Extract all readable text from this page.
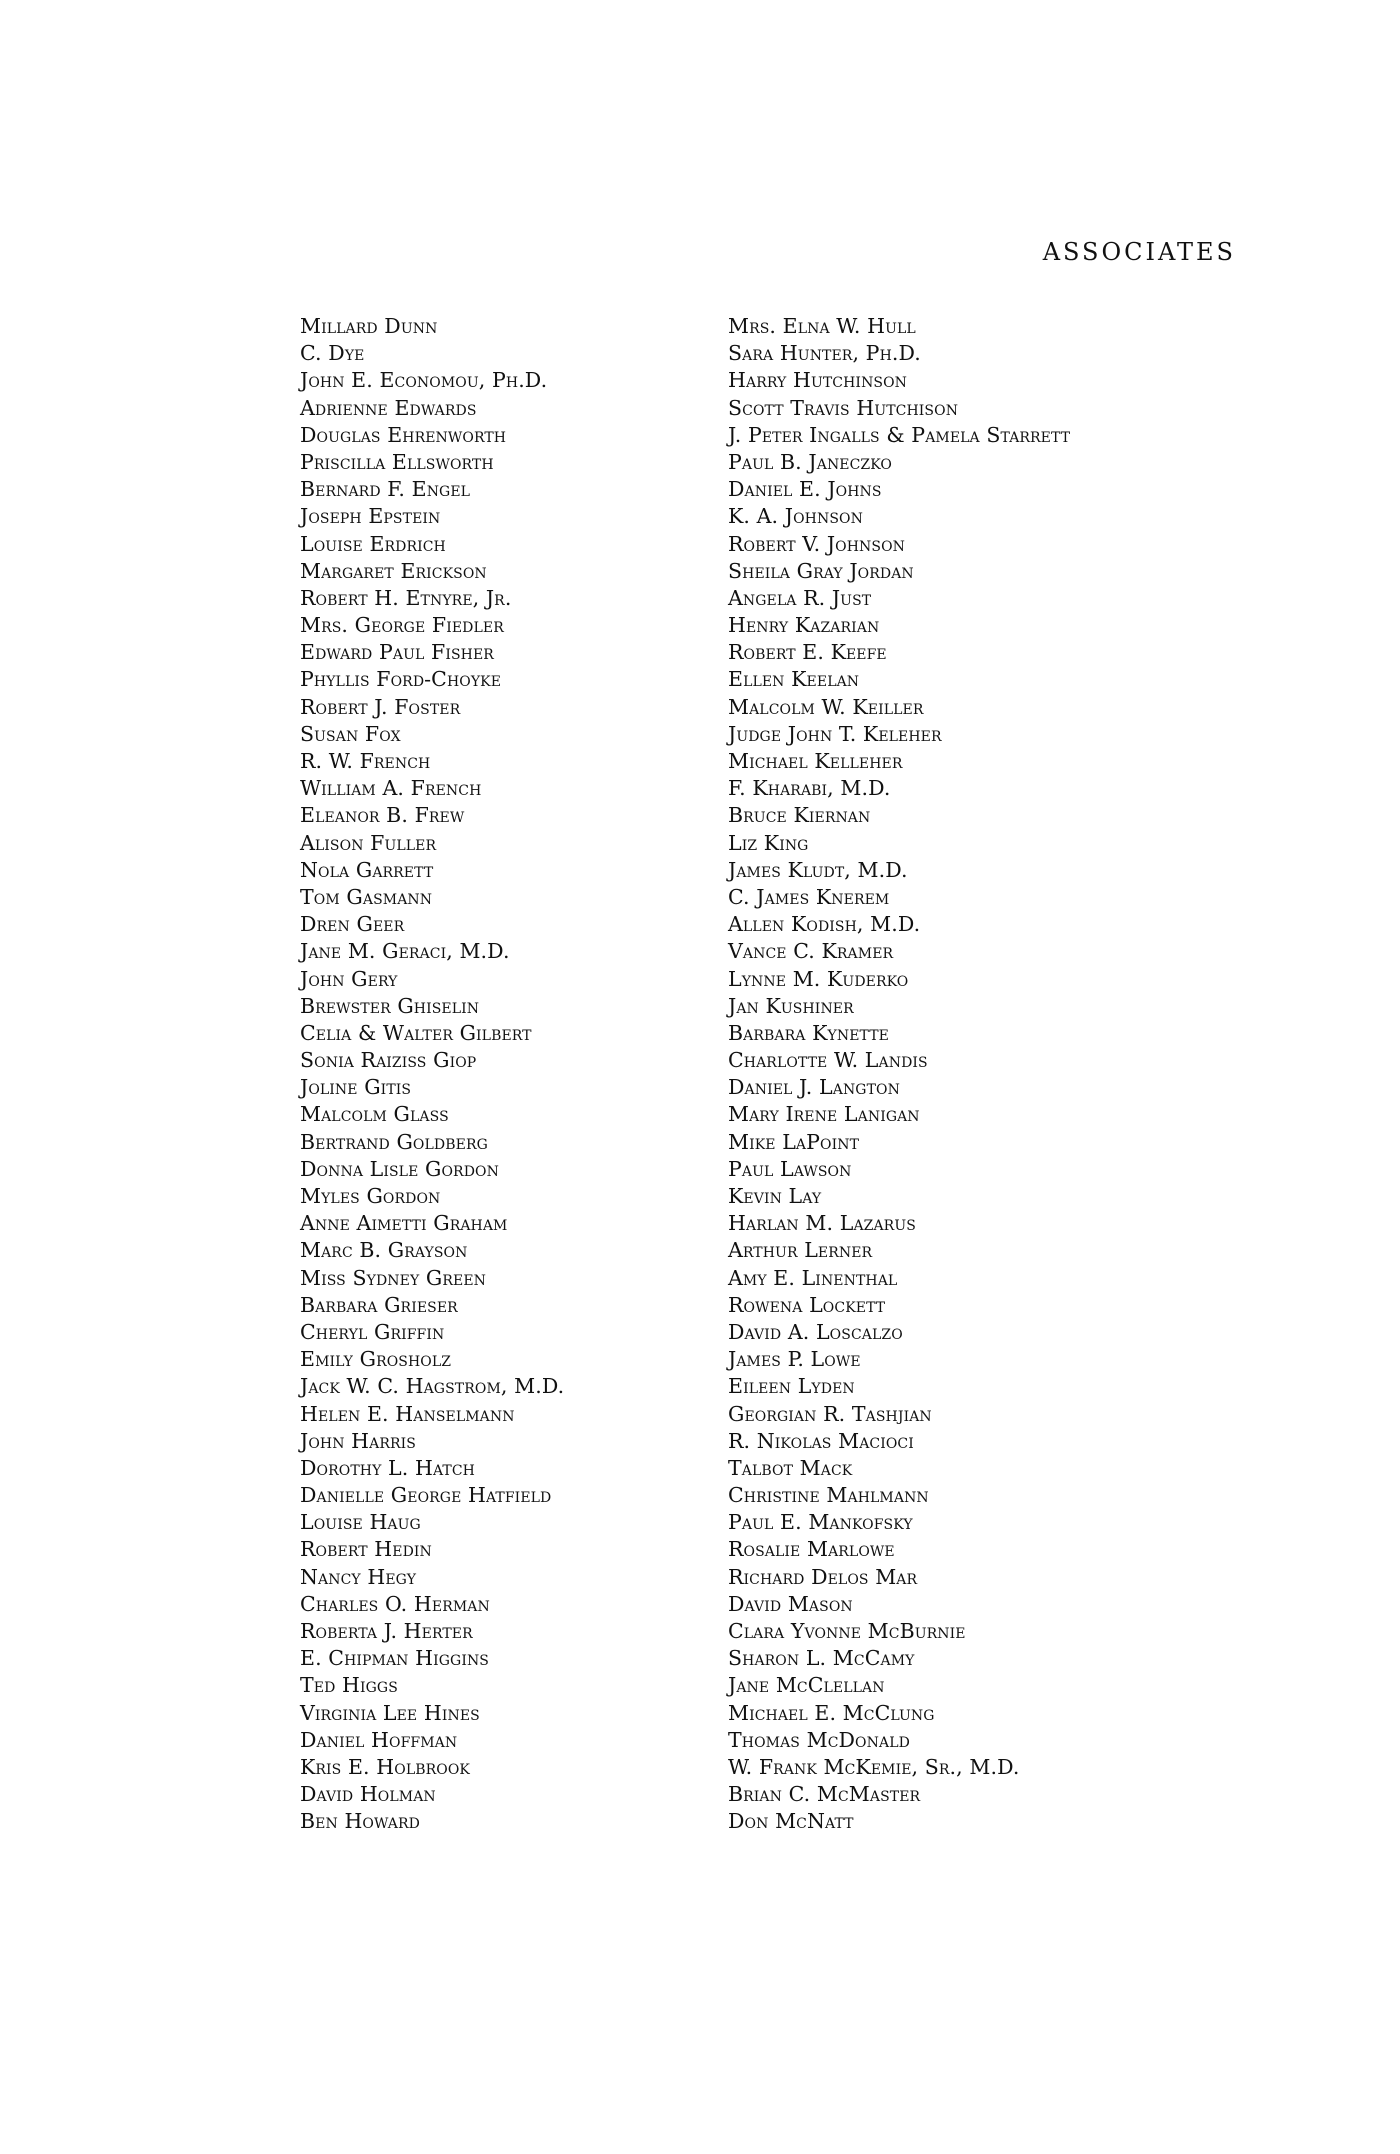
ASSOCIATES
Millard Dunn
C. Dye
John E. Economou, Ph.D.
Adrienne Edwards
Douglas Ehrenworth
Priscilla Ellsworth
Bernard F. Engel
Joseph Epstein
Louise Erdrich
Margaret Erickson
Robert H. Etnyre, Jr.
Mrs. George Fiedler
Edward Paul Fisher
Phyllis Ford-Choyke
Robert J. Foster
Susan Fox
R. W. French
William A. French
Eleanor B. Frew
Alison Fuller
Nola Garrett
Tom Gasmann
Dren Geer
Jane M. Geraci, M.D.
John Gery
Brewster Ghiselin
Celia & Walter Gilbert
Sonia Raiziss Giop
Joline Gitis
Malcolm Glass
Bertrand Goldberg
Donna Lisle Gordon
Myles Gordon
Anne Aimetti Graham
Marc B. Grayson
Miss Sydney Green
Barbara Grieser
Cheryl Griffin
Emily Grosholz
Jack W. C. Hagstrom, M.D.
Helen E. Hanselmann
John Harris
Dorothy L. Hatch
Danielle George Hatfield
Louise Haug
Robert Hedin
Nancy Hegy
Charles O. Herman
Roberta J. Herter
E. Chipman Higgins
Ted Higgs
Virginia Lee Hines
Daniel Hoffman
Kris E. Holbrook
David Holman
Ben Howard
Mrs. Elna W. Hull
Sara Hunter, Ph.D.
Harry Hutchinson
Scott Travis Hutchison
J. Peter Ingalls & Pamela Starrett
Paul B. Janeczko
Daniel E. Johns
K. A. Johnson
Robert V. Johnson
Sheila Gray Jordan
Angela R. Just
Henry Kazarian
Robert E. Keefe
Ellen Keelan
Malcolm W. Keiller
Judge John T. Keleher
Michael Kelleher
F. Kharabi, M.D.
Bruce Kiernan
Liz King
James Kludt, M.D.
C. James Knerem
Allen Kodish, M.D.
Vance C. Kramer
Lynne M. Kuderko
Jan Kushiner
Barbara Kynette
Charlotte W. Landis
Daniel J. Langton
Mary Irene Lanigan
Mike LaPoint
Paul Lawson
Kevin Lay
Harlan M. Lazarus
Arthur Lerner
Amy E. Linenthal
Rowena Lockett
David A. Loscalzo
James P. Lowe
Eileen Lyden
Georgian R. Tashjian
R. Nikolas Macioci
Talbot Mack
Christine Mahlmann
Paul E. Mankofsky
Rosalie Marlowe
Richard Delos Mar
David Mason
Clara Yvonne McBurnie
Sharon L. McCamy
Jane McClellan
Michael E. McClung
Thomas McDonald
W. Frank McKemie, Sr., M.D.
Brian C. McMaster
Don McNatt
